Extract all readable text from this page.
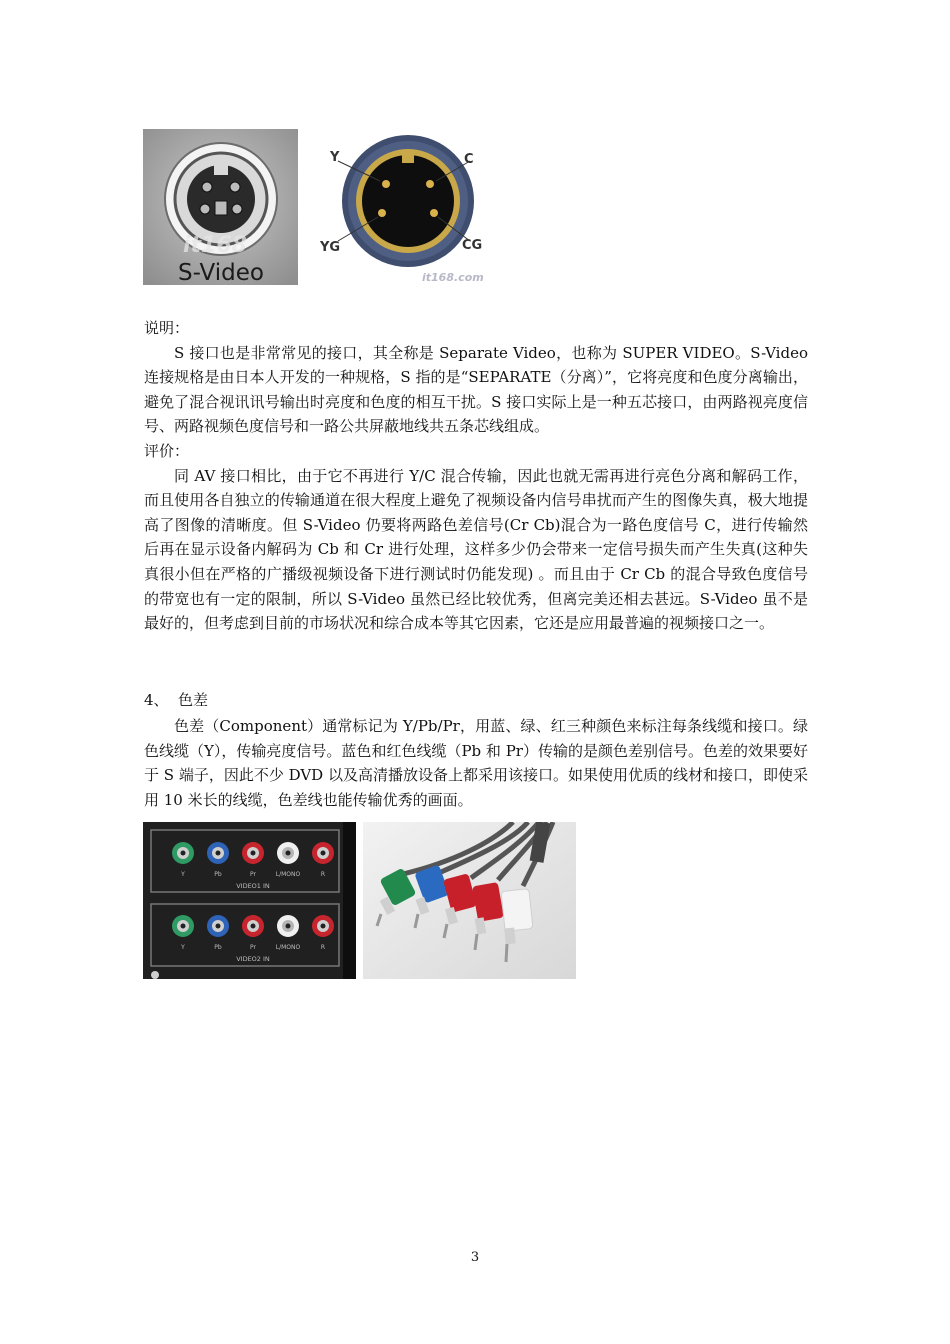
it168
S-Video
Y	C
YG	CG
it168.com

说明：

S 接口也是非常常见的接口，其全称是 Separate Video，也称为 SUPER VIDEO。S-Video 连接规格是由日本人开发的一种规格，S 指的是“SEPARATE（分离）”，它将亮度和色度分离输出，避免了混合视讯讯号输出时亮度和色度的相互干扰。S 接口实际上是一种五芯接口，由两路视亮度信号、两路视频色度信号和一路公共屏蔽地线共五条芯线组成。

评价：

同 AV 接口相比，由于它不再进行 Y/C 混合传输，因此也就无需再进行亮色分离和解码工作，而且使用各自独立的传输通道在很大程度上避免了视频设备内信号串扰而产生的图像失真，极大地提高了图像的清晰度。但 S-Video 仍要将两路色差信号(Cr Cb)混合为一路色度信号 C，进行传输然后再在显示设备内解码为 Cb 和 Cr 进行处理，这样多少仍会带来一定信号损失而产生失真(这种失真很小但在严格的广播级视频设备下进行测试时仍能发现) 。而且由于 Cr Cb 的混合导致色度信号的带宽也有一定的限制，所以 S-Video 虽然已经比较优秀，但离完美还相去甚远。S-Video 虽不是最好的，但考虑到目前的市场状况和综合成本等其它因素，它还是应用最普遍的视频接口之一。

4、 色差

色差（Component）通常标记为 Y/Pb/Pr，用蓝、绿、红三种颜色来标注每条线缆和接口。绿色线缆（Y），传输亮度信号。蓝色和红色线缆（Pb 和 Pr）传输的是颜色差别信号。色差的效果要好于 S 端子，因此不少 DVD 以及高清播放设备上都采用该接口。如果使用优质的线材和接口，即使采用 10 米长的线缆，色差线也能传输优秀的画面。

Y	Pb	Pr	L/MONO	R
VIDEO1 IN
Y	Pb	Pr	L/MONO	R
VIDEO2 IN
3
